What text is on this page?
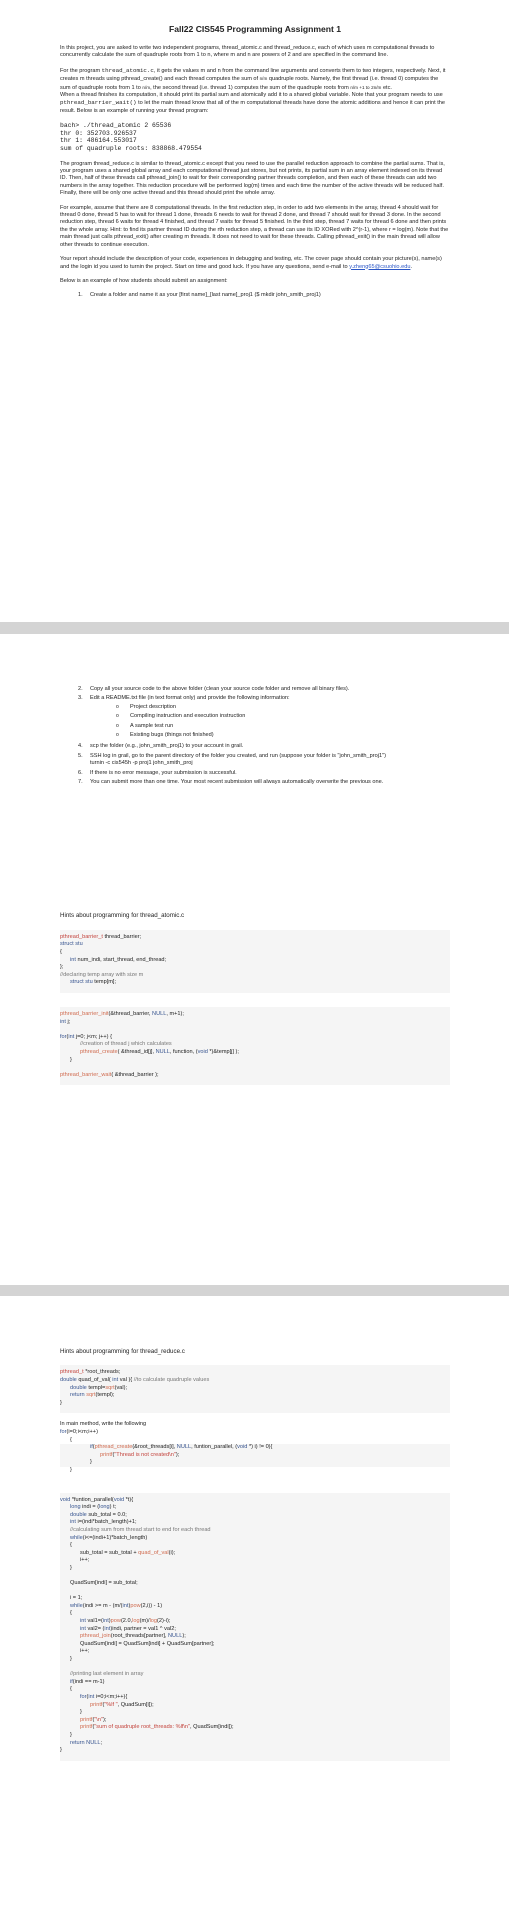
Fall22 CIS545 Programming Assignment 1

In this project, you are asked to write two independent programs, thread_atomic.c and thread_reduce.c, each of which uses m computational threads to concurrently calculate the sum of quadruple roots from 1 to n, where m and n are powers of 2 and are specified in the command line.

For the program thread_atomic.c, it gets the values m and n from the command line arguments and converts them to two integers, respectively. Next, it creates m threads using pthread_create() and each thread computes the sum of n/m quadruple roots. Namely, the first thread (i.e. thread 0) computes the sum of quadruple roots from 1 to n/m, the second thread (i.e. thread 1) computes the sum of the quadruple roots from n/m +1 to 2n/m etc.
When a thread finishes its computation, it should print its partial sum and atomically add it to a shared global variable. Note that your program needs to use pthread_barrier_wait() to let the main thread know that all of the m computational threads have done the atomic additions and hence it can print the result. Below is an example of running your thread program:

bach> ./thread_atomic 2 65536
thr 0: 352703.926537
thr 1: 486164.553017
sum of quadruple roots: 838868.479554

The program thread_reduce.c is similar to thread_atomic.c except that you need to use the parallel reduction approach to combine the partial sums. That is, your program uses a shared global array and each computational thread just stores, but not prints, its partial sum in an array element indexed on its thread ID. Then, half of these threads call pthread_join() to wait for their corresponding partner threads completion, and then each of these threads can add two numbers in the array together. This reduction procedure will be performed log(m) times and each time the number of the active threads will be reduced half. Finally, there will be only one active thread and this thread should print the whole array.

For example, assume that there are 8 computational threads. In the first reduction step, in order to add two elements in the array, thread 4 should wait for thread 0 done, thread 5 has to wait for thread 1 done, threads 6 needs to wait for thread 2 done, and thread 7 should wait for thread 3 done. In the second reduction step, thread 6 waits for thread 4 finished, and thread 7 waits for thread 5 finished. In the third step, thread 7 waits for thread 6 done and then prints the the whole array. Hint: to find its partner thread ID during the rth reduction step, a thread can use its ID XORed with 2^(r-1), where r = log(m). Note that the main thread just calls pthread_exit() after creating m threads. It does not need to wait for these threads. Calling pthread_exit() in the main thread will allow other threads to continue execution.

Your report should include the description of your code, experiences in debugging and testing, etc. The cover page should contain your picture(s), name(s) and the login id you used to turnin the project. Start on time and good luck. If you have any questions, send e-mail to y.zheng65@csuohio.edu.

Below is an example of how students should submit an assignment:

1. Create a folder and name it as your [first name]_[last name]_proj1 ($ mkdir john_smith_proj1)
2. Copy all your source code to the above folder (clean your source code folder and remove all binary files).
3. Edit a README.txt file (in text format only) and provide the following information:
o Project description
o Compiling instruction and execution instruction
o A sample test run
o Existing bugs (things not finished)
4. scp the folder (e.g., john_smith_proj1) to your account in grail.
5. SSH log in grail, go to the parent directory of the folder you created, and run (suppose your folder is "john_smith_proj1")
turnin -c cis545h -p proj1 john_smith_proj
6. If there is no error message, your submission is successful.
7. You can submit more than one time. Your most recent submission will always automatically overwrite the previous one.
Hints about programming for thread_atomic.c
pthread_barrier_t thread_barrier;
struct stu
{
int num_indi, start_thread, end_thread;
};
//declaring temp array with size m
struct stu temp[m];
pthread_barrier_init(&thread_barrier, NULL, m+1);
int j;

for(int j=0; j<m; j++) {
//creation of thread j which calculates
pthread_create( &thread_id[j], NULL, function, (void *)&temp[j] );
}

pthread_barrier_wait( &thread_barrier );
Hints about programming for thread_reduce.c
pthread_t *root_threads;
double quad_of_val( int val ){ //to calculate quadruple values
double templ=sqrt(val);
return sqrt(templ);
}
In main method, write the following
for(i=0;i<m;i++)
{
if(pthread_create(&root_threads[i], NULL, funtion_parallel, (void *) i) != 0){
printf("Thread is not created\n");
}
}
void *funtion_parallel(void *t){
long indi = (long) t;
double sub_total = 0.0;
int i=(indi*batch_length)+1;
//calculating sum from thread start to end for each thread
while(i<=(indi+1)*batch_length)
{
sub_total = sub_total + quad_of_val(i);
i++;
}

QuadSum[indi] = sub_total;

i = 1;
while(indi >= m - (m/(int)pow(2,i)) - 1)
{
int val1=(int)pow(2.0,log(m)/log(2)-i);
int val2= (int)indi, partner = val1 ^ val2;
pthread_join(root_threads[partner], NULL);
QuadSum[indi] = QuadSum[indi] + QuadSum[partner];
i++;
}

//printing last element in array
if(indi == m-1)
{
for(int i=0;i<m;i++){
printf("%lf ", QuadSum[i]);
}
printf("\n");
printf("sum of quadruple root_threads: %lf\n", QuadSum[indi]);
}
return NULL;
}
